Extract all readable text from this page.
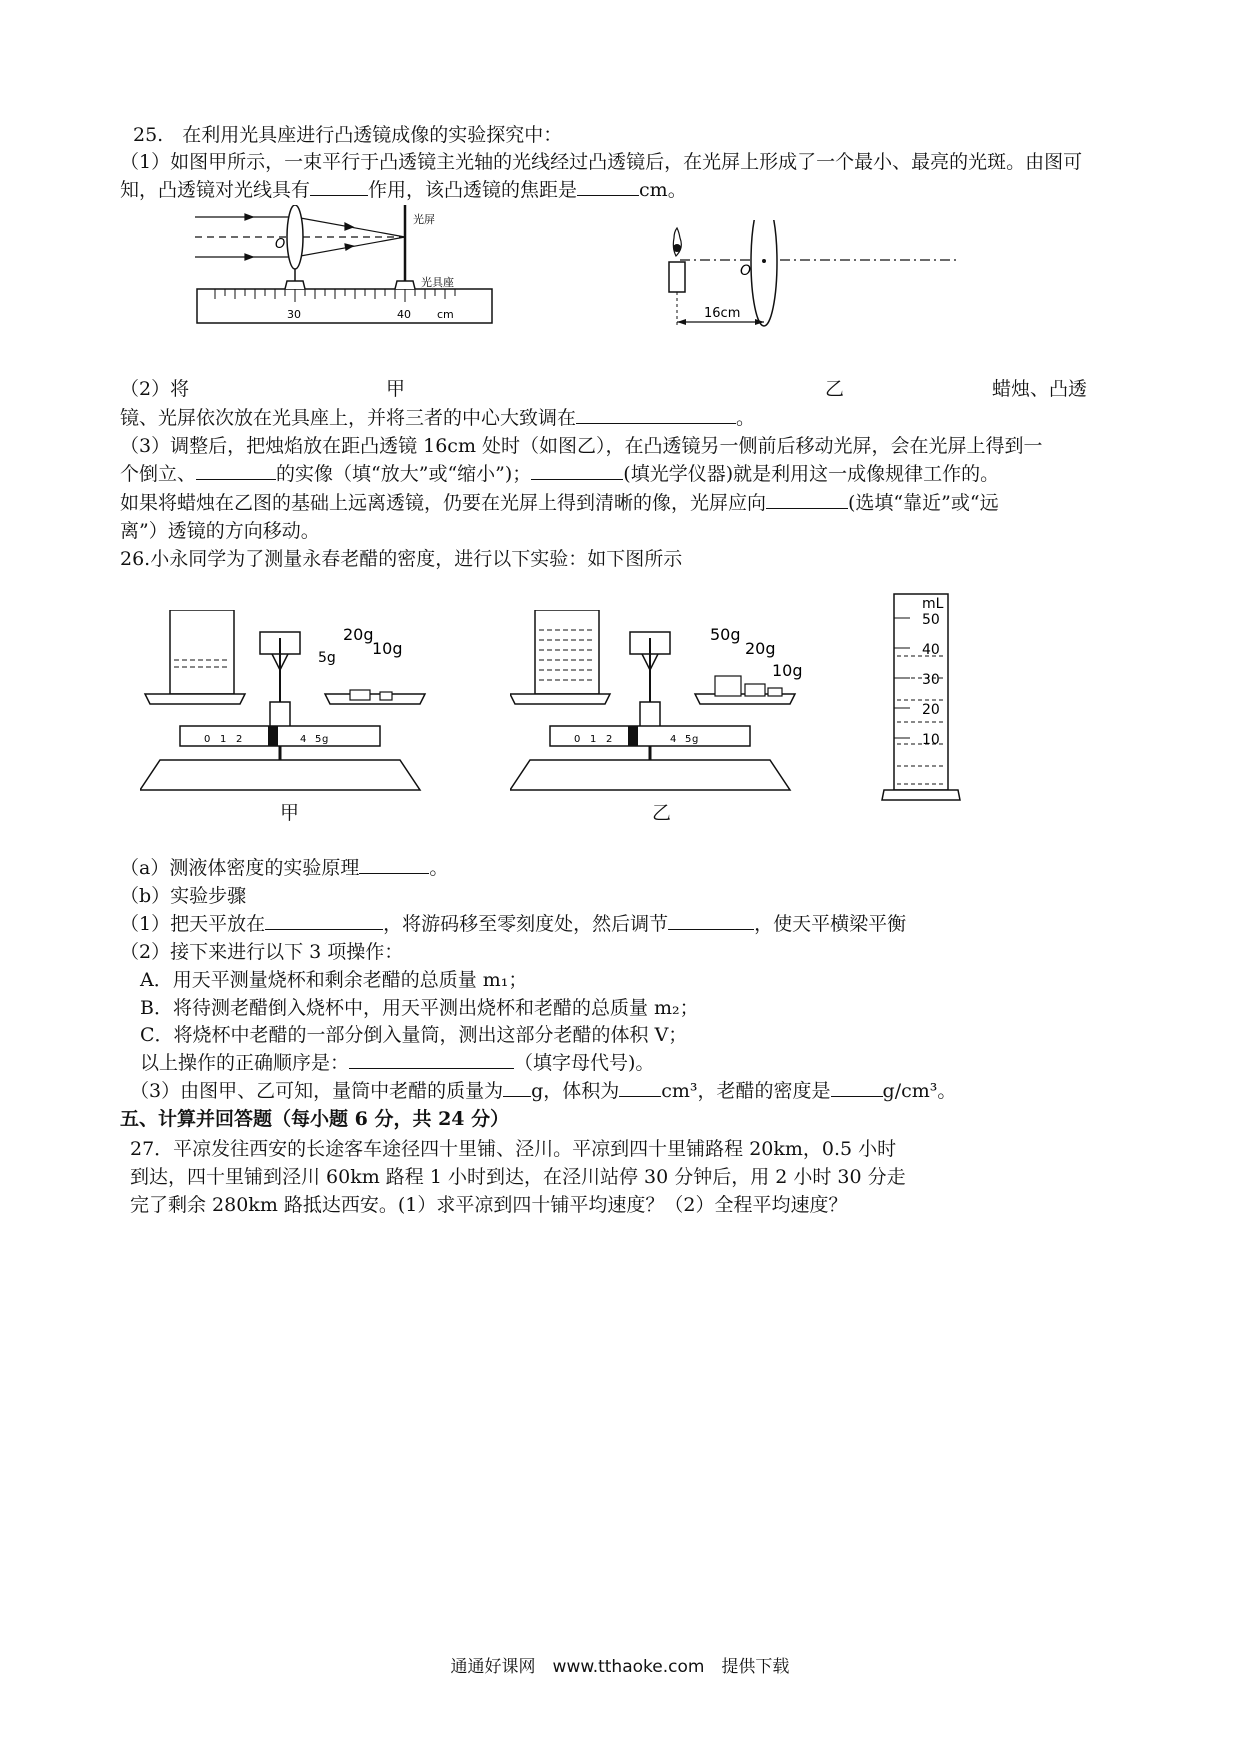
25.　在利用光具座进行凸透镜成像的实验探究中：
（1）如图甲所示，一束平行于凸透镜主光轴的光线经过凸透镜后，在光屏上形成了一个最小、最亮的光斑。由图可
知，凸透镜对光线具有	作用，该凸透镜的焦距是	cm。
O
光屏
光具座
30	40 cm
O
16cm
（2）将	甲	乙	蜡烛、凸透
镜、光屏依次放在光具座上，并将三者的中心大致调在	。
（3）调整后，把烛焰放在距凸透镜 16cm 处时（如图乙），在凸透镜另一侧前后移动光屏，会在光屏上得到一
个倒立、	的实像（填“放大”或“缩小”)；	(填光学仪器)就是利用这一成像规律工作的。
如果将蜡烛在乙图的基础上远离透镜，仍要在光屏上得到清晰的像，光屏应向	(选填“靠近”或“远
离”）透镜的方向移动。
26.小永同学为了测量永春老醋的密度，进行以下实验：如下图所示
0 1 2	4 5 g
20g
10g
5g
甲
0 1 2	4 5 g
50g
20g
10g
乙
mL
50
40
30
20
10
（a）测液体密度的实验原理	。
（b）实验步骤
（1）把天平放在	，将游码移至零刻度处，然后调节	，使天平横梁平衡
（2）接下来进行以下 3 项操作：
A．用天平测量烧杯和剩余老醋的总质量 m₁；
B．将待测老醋倒入烧杯中，用天平测出烧杯和老醋的总质量 m₂；
C．将烧杯中老醋的一部分倒入量筒，测出这部分老醋的体积 V；
以上操作的正确顺序是：	（填字母代号)。
（3）由图甲、乙可知，量筒中老醋的质量为 g，体积为 cm³，老醋的密度是	g/cm³。
五、计算并回答题（每小题 6 分，共 24 分）
27．平凉发往西安的长途客车途径四十里铺、泾川。平凉到四十里铺路程 20km，0.5 小时
到达，四十里铺到泾川 60km 路程 1 小时到达，在泾川站停 30 分钟后，用 2 小时 30 分走
完了剩余 280km 路抵达西安。(1）求平凉到四十铺平均速度？（2）全程平均速度？
通通好课网　www.tthaoke.com　提供下载
